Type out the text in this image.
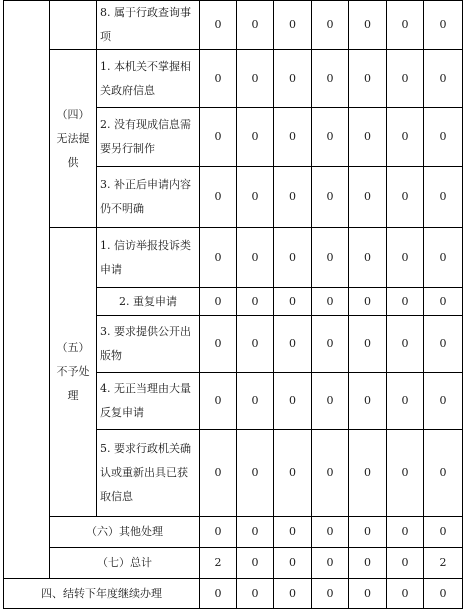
		8. 属于行政查询事项	0	0	0	0	0	0	0
	（四）无法提供	1. 本机关不掌握相关政府信息	0	0	0	0	0	0	0
		2. 没有现成信息需要另行制作	0	0	0	0	0	0	0
		3. 补正后申请内容仍不明确	0	0	0	0	0	0	0
	（五）不予处理	1. 信访举报投诉类申请	0	0	0	0	0	0	0
		2. 重复申请	0	0	0	0	0	0	0
		3. 要求提供公开出版物	0	0	0	0	0	0	0
		4. 无正当理由大量反复申请	0	0	0	0	0	0	0
		5. 要求行政机关确认或重新出具已获取信息	0	0	0	0	0	0	0
	（六）其他处理		0	0	0	0	0	0	0
	（七）总计		2	0	0	0	0	0	2
四、结转下年度继续办理			0	0	0	0	0	0	0
